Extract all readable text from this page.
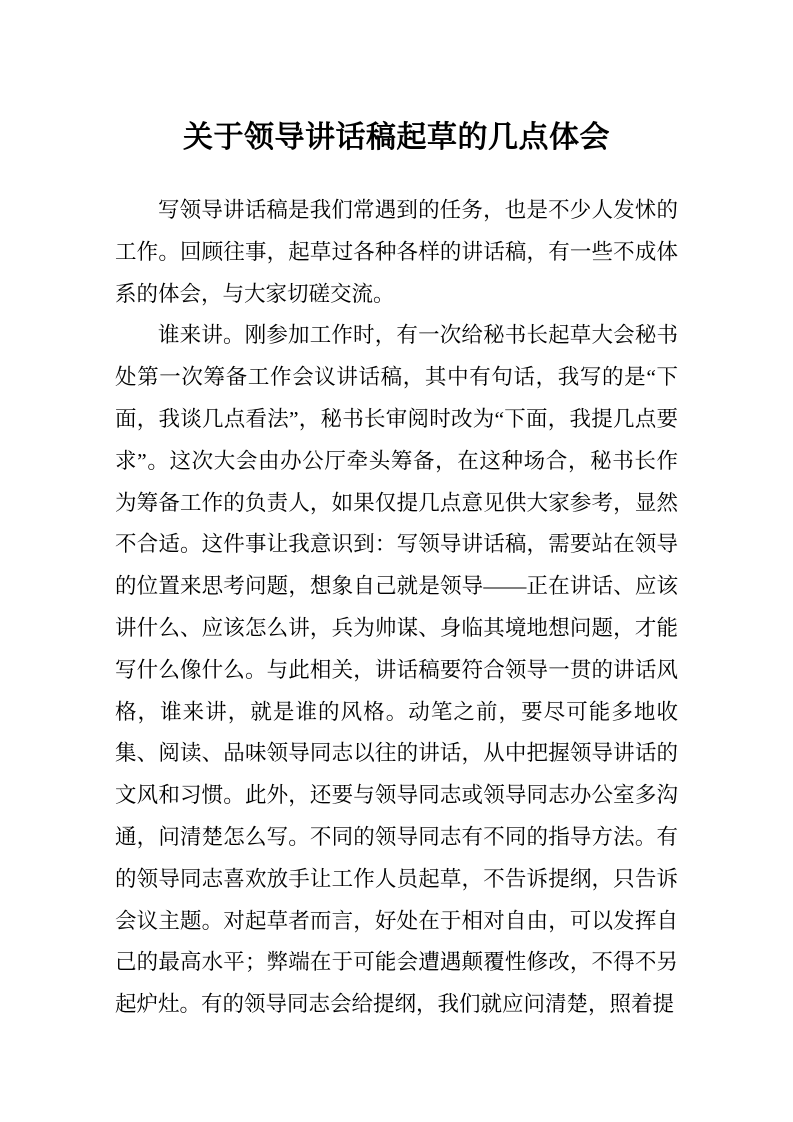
关于领导讲话稿起草的几点体会

写领导讲话稿是我们常遇到的任务，也是不少人发怵的工作。回顾往事，起草过各种各样的讲话稿，有一些不成体系的体会，与大家切磋交流。

谁来讲。刚参加工作时，有一次给秘书长起草大会秘书处第一次筹备工作会议讲话稿，其中有句话，我写的是“下面，我谈几点看法”，秘书长审阅时改为“下面，我提几点要求”。这次大会由办公厅牵头筹备，在这种场合，秘书长作为筹备工作的负责人，如果仅提几点意见供大家参考，显然不合适。这件事让我意识到：写领导讲话稿，需要站在领导的位置来思考问题，想象自己就是领导——正在讲话、应该讲什么、应该怎么讲，兵为帅谋、身临其境地想问题，才能写什么像什么。与此相关，讲话稿要符合领导一贯的讲话风格，谁来讲，就是谁的风格。动笔之前，要尽可能多地收集、阅读、品味领导同志以往的讲话，从中把握领导讲话的文风和习惯。此外，还要与领导同志或领导同志办公室多沟通，问清楚怎么写。不同的领导同志有不同的指导方法。有的领导同志喜欢放手让工作人员起草，不告诉提纲，只告诉会议主题。对起草者而言，好处在于相对自由，可以发挥自己的最高水平；弊端在于可能会遭遇颠覆性修改，不得不另起炉灶。有的领导同志会给提纲，我们就应问清楚，照着提
